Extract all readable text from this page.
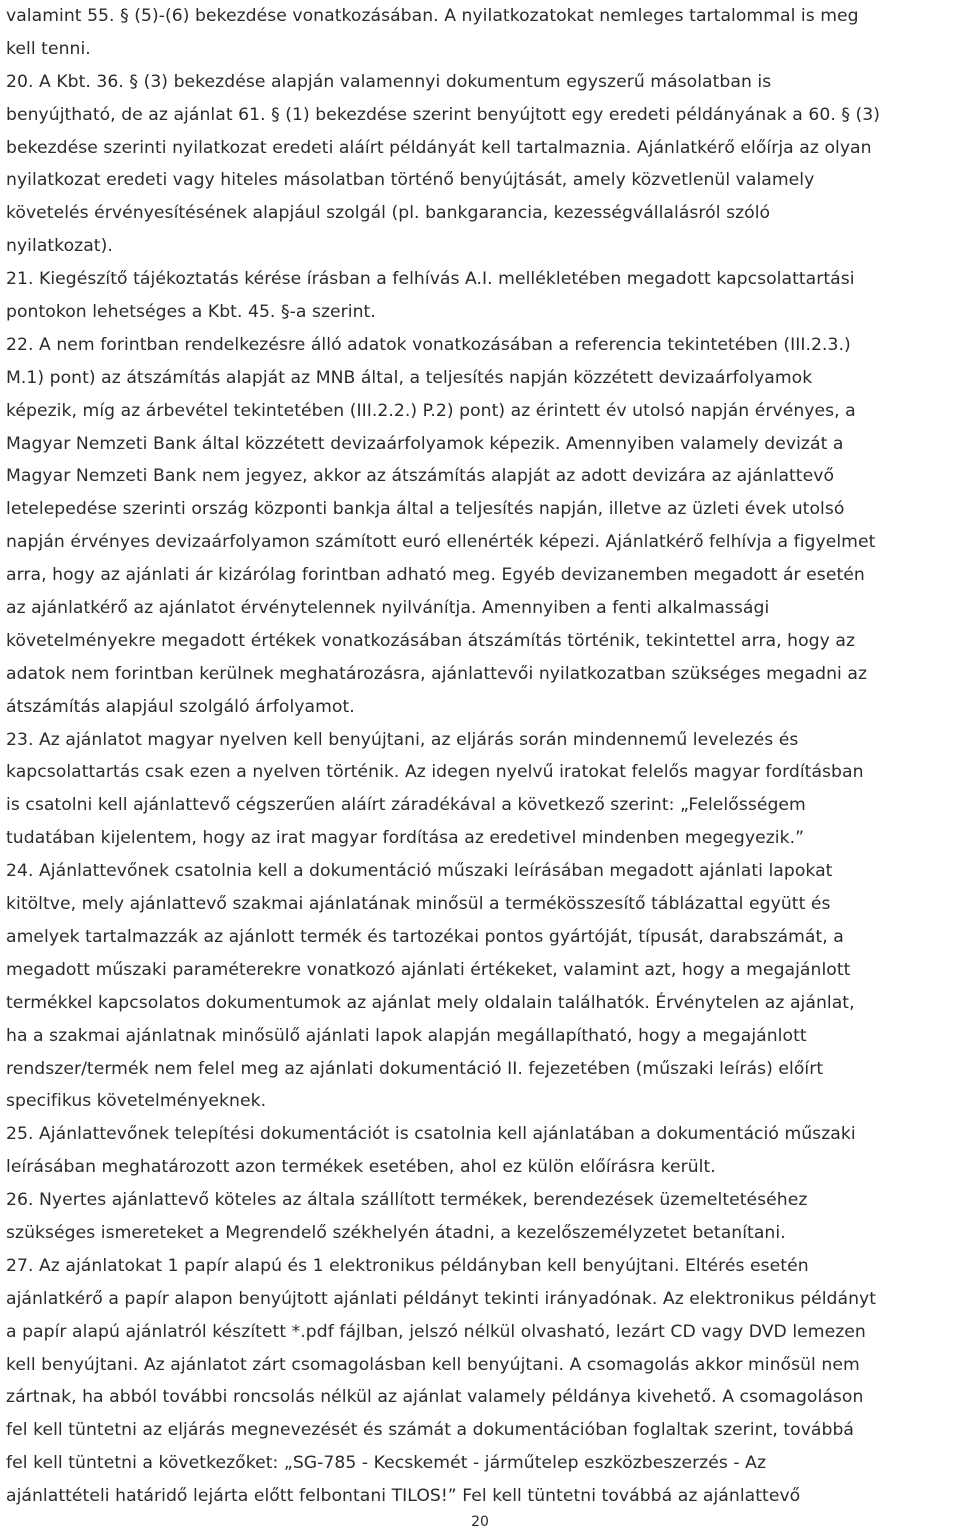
valamint 55. § (5)-(6) bekezdése vonatkozásában. A nyilatkozatokat nemleges tartalommal is meg
kell tenni.
20. A Kbt. 36. § (3) bekezdése alapján valamennyi dokumentum egyszerű másolatban is
benyújtható, de az ajánlat 61. § (1) bekezdése szerint benyújtott egy eredeti példányának a 60. § (3)
bekezdése szerinti nyilatkozat eredeti aláírt példányát kell tartalmaznia. Ajánlatkérő előírja az olyan
nyilatkozat eredeti vagy hiteles másolatban történő benyújtását, amely közvetlenül valamely
követelés érvényesítésének alapjául szolgál (pl. bankgarancia, kezességvállalásról szóló
nyilatkozat).
21. Kiegészítő tájékoztatás kérése írásban a felhívás A.I. mellékletében megadott kapcsolattartási
pontokon lehetséges a Kbt. 45. §-a szerint.
22. A nem forintban rendelkezésre álló adatok vonatkozásában a referencia tekintetében (III.2.3.)
M.1) pont) az átszámítás alapját az MNB által, a teljesítés napján közzétett devizaárfolyamok
képezik, míg az árbevétel tekintetében (III.2.2.) P.2) pont) az érintett év utolsó napján érvényes, a
Magyar Nemzeti Bank által közzétett devizaárfolyamok képezik. Amennyiben valamely devizát a
Magyar Nemzeti Bank nem jegyez, akkor az átszámítás alapját az adott devizára az ajánlattevő
letelepedése szerinti ország központi bankja által a teljesítés napján, illetve az üzleti évek utolsó
napján érvényes devizaárfolyamon számított euró ellenérték képezi. Ajánlatkérő felhívja a figyelmet
arra, hogy az ajánlati ár kizárólag forintban adható meg. Egyéb devizanemben megadott ár esetén
az ajánlatkérő az ajánlatot érvénytelennek nyilvánítja. Amennyiben a fenti alkalmassági
követelményekre megadott értékek vonatkozásában átszámítás történik, tekintettel arra, hogy az
adatok nem forintban kerülnek meghatározásra, ajánlattevői nyilatkozatban szükséges megadni az
átszámítás alapjául szolgáló árfolyamot.
23. Az ajánlatot magyar nyelven kell benyújtani, az eljárás során mindennemű levelezés és
kapcsolattartás csak ezen a nyelven történik. Az idegen nyelvű iratokat felelős magyar fordításban
is csatolni kell ajánlattevő cégszerűen aláírt záradékával a következő szerint: „Felelősségem
tudatában kijelentem, hogy az irat magyar fordítása az eredetivel mindenben megegyezik.”
24. Ajánlattevőnek csatolnia kell a dokumentáció műszaki leírásában megadott ajánlati lapokat
kitöltve, mely ajánlattevő szakmai ajánlatának minősül a termékösszesítő táblázattal együtt és
amelyek tartalmazzák az ajánlott termék és tartozékai pontos gyártóját, típusát, darabszámát, a
megadott műszaki paraméterekre vonatkozó ajánlati értékeket, valamint azt, hogy a megajánlott
termékkel kapcsolatos dokumentumok az ajánlat mely oldalain találhatók. Érvénytelen az ajánlat,
ha a szakmai ajánlatnak minősülő ajánlati lapok alapján megállapítható, hogy a megajánlott
rendszer/termék nem felel meg az ajánlati dokumentáció II. fejezetében (műszaki leírás) előírt
specifikus követelményeknek.
25. Ajánlattevőnek telepítési dokumentációt is csatolnia kell ajánlatában a dokumentáció műszaki
leírásában meghatározott azon termékek esetében, ahol ez külön előírásra került.
26. Nyertes ajánlattevő köteles az általa szállított termékek, berendezések üzemeltetéséhez
szükséges ismereteket a Megrendelő székhelyén átadni, a kezelőszemélyzetet betanítani.
27. Az ajánlatokat 1 papír alapú és 1 elektronikus példányban kell benyújtani. Eltérés esetén
ajánlatkérő a papír alapon benyújtott ajánlati példányt tekinti irányadónak. Az elektronikus példányt
a papír alapú ajánlatról készített *.pdf fájlban, jelszó nélkül olvasható, lezárt CD vagy DVD lemezen
kell benyújtani. Az ajánlatot zárt csomagolásban kell benyújtani. A csomagolás akkor minősül nem
zártnak, ha abból további roncsolás nélkül az ajánlat valamely példánya kivehető. A csomagoláson
fel kell tüntetni az eljárás megnevezését és számát a dokumentációban foglaltak szerint, továbbá
fel kell tüntetni a következőket: „SG-785 - Kecskemét - járműtelep eszközbeszerzés - Az
ajánlattételi határidő lejárta előtt felbontani TILOS!” Fel kell tüntetni továbbá az ajánlattevő
20
